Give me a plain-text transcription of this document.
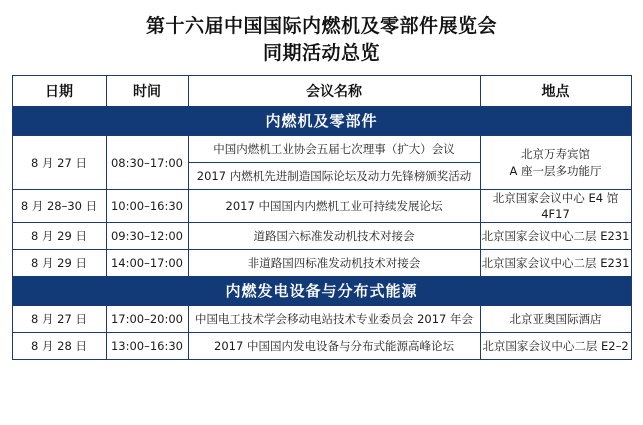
第十六届中国国际内燃机及零部件展览会
同期活动总览
日期	时间	会议名称	地点
内燃机及零部件			
8 月 27 日	08:30–17:00	中国内燃机工业协会五届七次理事（扩大）会议	北京万寿宾馆
A 座一层多功能厅

		2017 内燃机先进制造国际论坛及动力先锋榜颁奖活动	
8 月 28–30 日	10:00–16:30	2017 中国国内内燃机工业可持续发展论坛	北京国家会议中心 E4 馆 4F17
8 月 29 日	09:30–12:00	道路国六标准发动机技术对接会	北京国家会议中心二层 E231
8 月 29 日	14:00–17:00	非道路国四标准发动机技术对接会	北京国家会议中心二层 E231
内燃发电设备与分布式能源			
8 月 27 日	17:00–20:00	中国电工技术学会移动电站技术专业委员会 2017 年会	北京亚奥国际酒店
8 月 28 日	13:00–16:30	2017 中国国内发电设备与分布式能源高峰论坛	北京国家会议中心二层 E2–2
